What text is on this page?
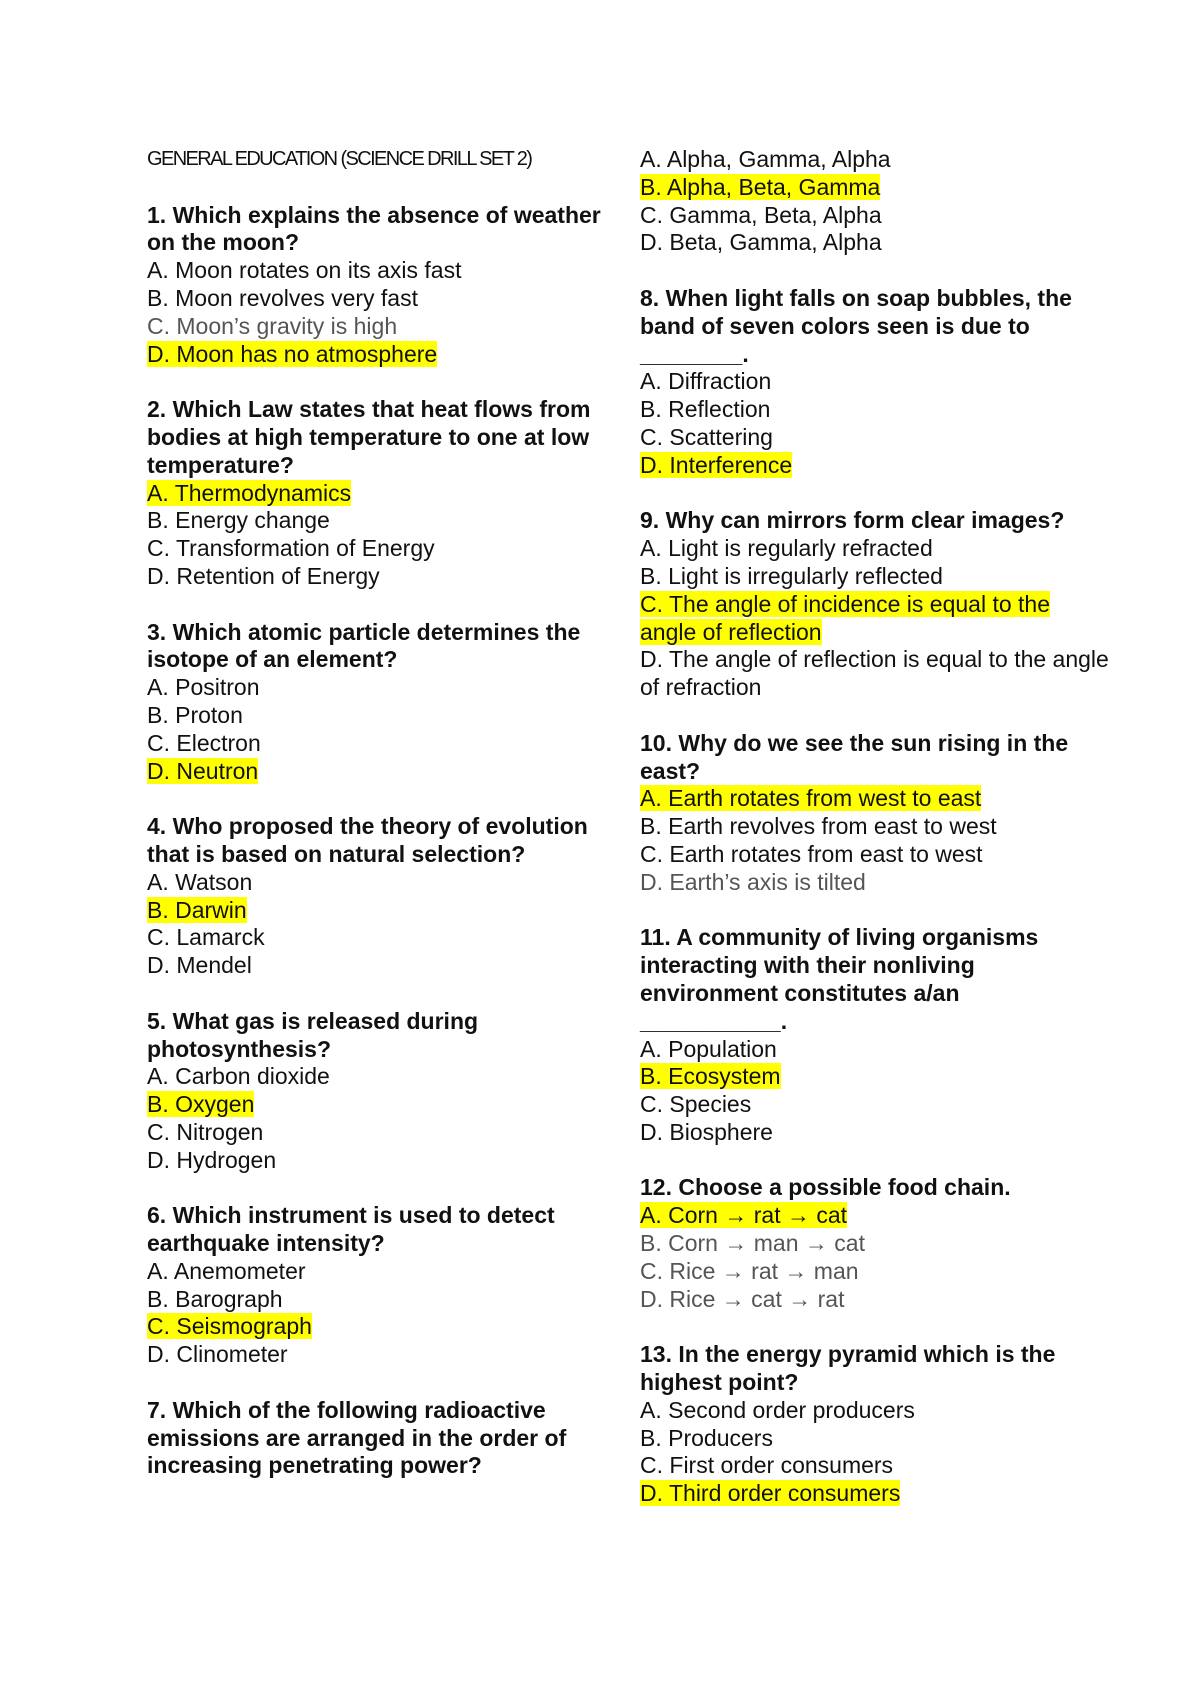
GENERAL EDUCATION (SCIENCE DRILL SET 2)

1. Which explains the absence of weather on the moon?

A. Moon rotates on its axis fast
B. Moon revolves very fast
C. Moon’s gravity is high
D. Moon has no atmosphere

2. Which Law states that heat flows from bodies at high temperature to one at low temperature?

A. Thermodynamics
B. Energy change
C. Transformation of Energy
D. Retention of Energy

3. Which atomic particle determines the isotope of an element?

A. Positron
B. Proton
C. Electron
D. Neutron

4. Who proposed the theory of evolution that is based on natural selection?

A. Watson
B. Darwin
C. Lamarck
D. Mendel

5. What gas is released during photosynthesis?

A. Carbon dioxide
B. Oxygen
C. Nitrogen
D. Hydrogen

6. Which instrument is used to detect earthquake intensity?

A. Anemometer
B. Barograph
C. Seismograph
D. Clinometer

7. Which of the following radioactive emissions are arranged in the order of increasing penetrating power?

A. Alpha, Gamma, Alpha
B. Alpha, Beta, Gamma
C. Gamma, Beta, Alpha
D. Beta, Gamma, Alpha

8. When light falls on soap bubbles, the band of seven colors seen is due to ________.

A. Diffraction
B. Reflection
C. Scattering
D. Interference

9. Why can mirrors form clear images?

A. Light is regularly refracted
B. Light is irregularly reflected
C. The angle of incidence is equal to the angle of reflection
D. The angle of reflection is equal to the angle of refraction

10. Why do we see the sun rising in the east?

A. Earth rotates from west to east
B. Earth revolves from east to west
C. Earth rotates from east to west
D. Earth’s axis is tilted

11. A community of living organisms interacting with their nonliving environment constitutes a/an ___________.

A. Population
B. Ecosystem
C. Species
D. Biosphere

12. Choose a possible food chain.

A. Corn → rat → cat
B. Corn → man → cat
C. Rice → rat → man
D. Rice → cat → rat

13. In the energy pyramid which is the highest point?

A. Second order producers
B. Producers
C. First order consumers
D. Third order consumers
